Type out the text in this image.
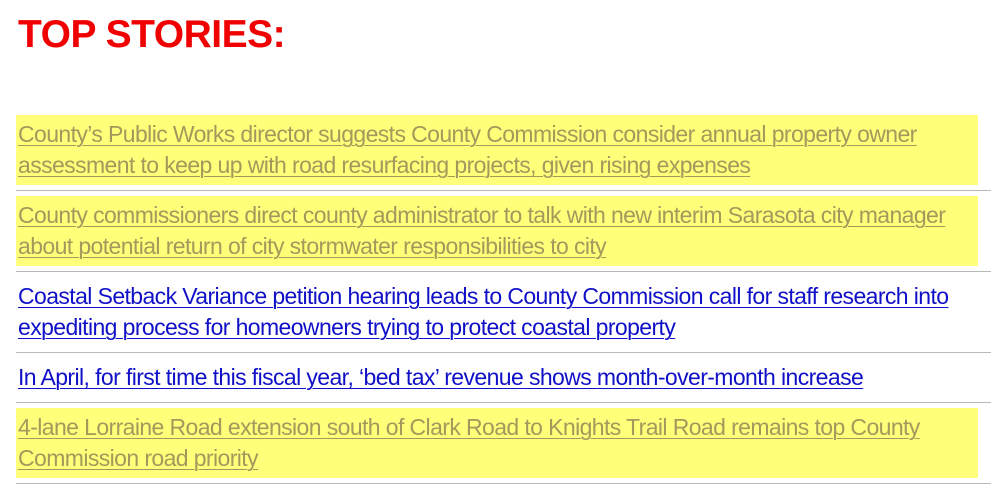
TOP STORIES:
County’s Public Works director suggests County Commission consider annual property owner assessment to keep up with road resurfacing projects, given rising expenses
County commissioners direct county administrator to talk with new interim Sarasota city manager about potential return of city stormwater responsibilities to city
Coastal Setback Variance petition hearing leads to County Commission call for staff research into expediting process for homeowners trying to protect coastal property
In April, for first time this fiscal year, ‘bed tax’ revenue shows month-over-month increase
4-lane Lorraine Road extension south of Clark Road to Knights Trail Road remains top County Commission road priority
